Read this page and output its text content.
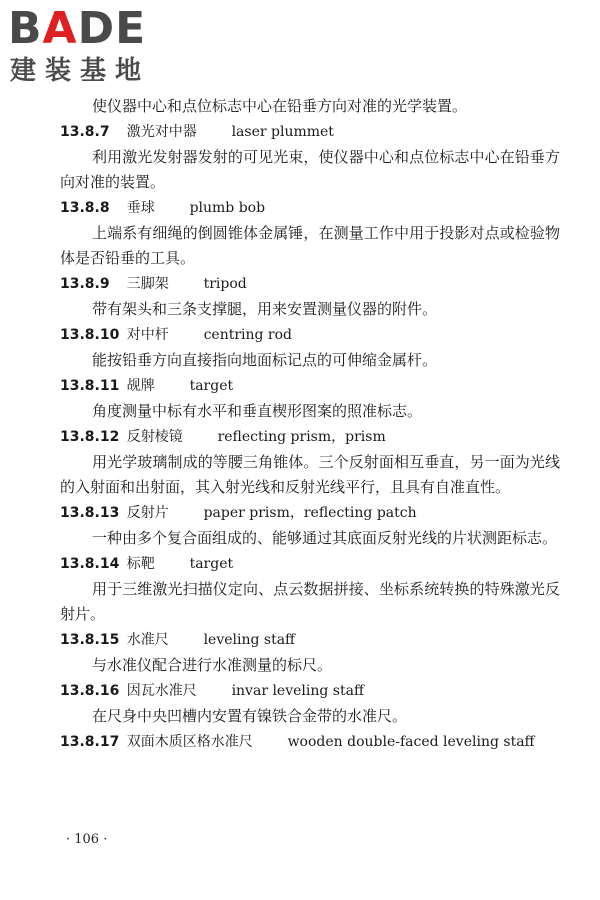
BADE
建装基地

使仪器中心和点位标志中心在铅垂方向对准的光学装置。

13.8.7 激光对中器 laser plummet

利用激光发射器发射的可见光束，使仪器中心和点位标志中心在铅垂方向对准的装置。

13.8.8 垂球 plumb bob

上端系有细绳的倒圆锥体金属锤，在测量工作中用于投影对点或检验物体是否铅垂的工具。

13.8.9 三脚架 tripod

带有架头和三条支撑腿，用来安置测量仪器的附件。

13.8.10 对中杆 centring rod

能按铅垂方向直接指向地面标记点的可伸缩金属杆。

13.8.11 觇牌 target

角度测量中标有水平和垂直楔形图案的照准标志。

13.8.12 反射棱镜 reflecting prism，prism

用光学玻璃制成的等腰三角锥体。三个反射面相互垂直，另一面为光线的入射面和出射面，其入射光线和反射光线平行，且具有自准直性。

13.8.13 反射片 paper prism，reflecting patch

一种由多个复合面组成的、能够通过其底面反射光线的片状测距标志。

13.8.14 标靶 target

用于三维激光扫描仪定向、点云数据拼接、坐标系统转换的特殊激光反射片。

13.8.15 水准尺 leveling staff

与水准仪配合进行水准测量的标尺。

13.8.16 因瓦水准尺 invar leveling staff

在尺身中央凹槽内安置有镍铁合金带的水准尺。

13.8.17 双面木质区格水准尺 wooden double-faced leveling staff
· 106 ·
